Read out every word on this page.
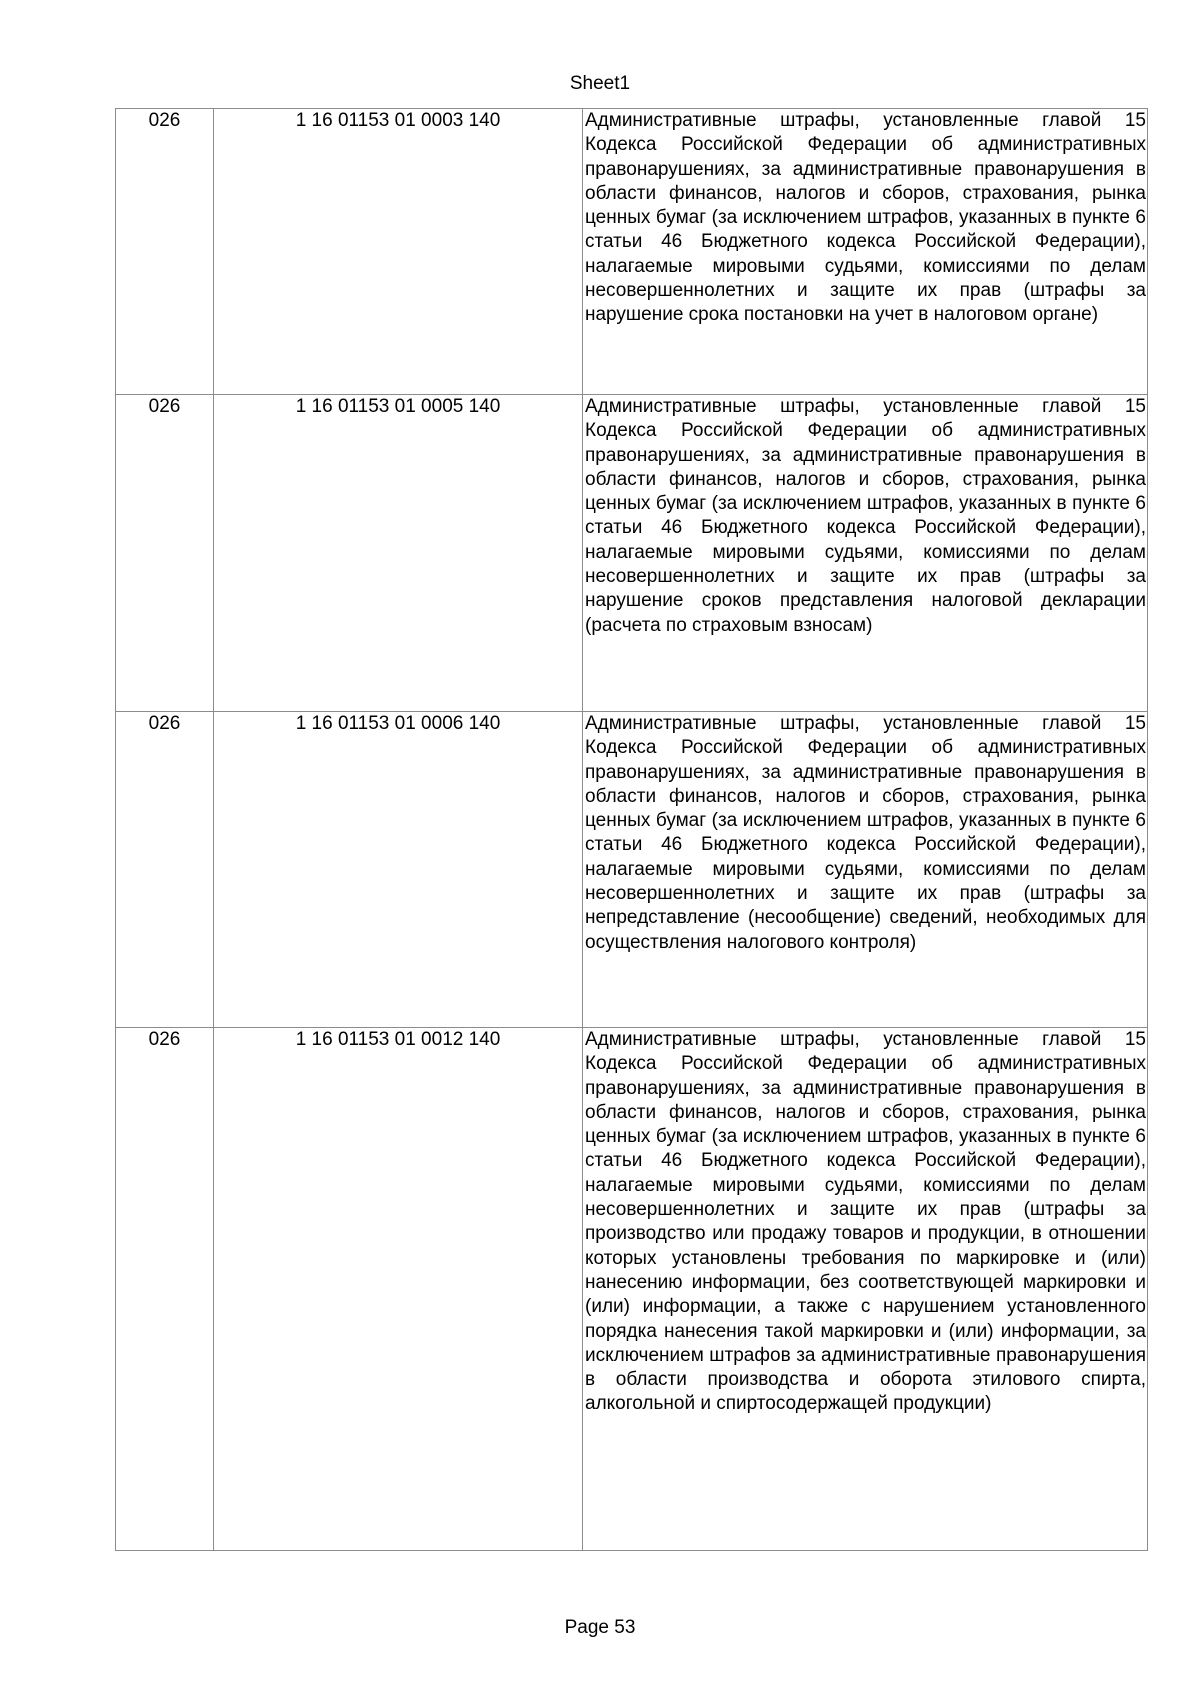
Sheet1
026	1 16 01153 01 0003 140	Административные штрафы, установленные главой 15 Кодекса Российской Федерации об административных правонарушениях, за административные правонарушения в области финансов, налогов и сборов, страхования, рынка ценных бумаг (за исключением штрафов, указанных в пункте 6 статьи 46 Бюджетного кодекса Российской Федерации), налагаемые мировыми судьями, комиссиями по делам несовершеннолетних и защите их прав (штрафы за нарушение срока постановки на учет в налоговом органе)
026	1 16 01153 01 0005 140	Административные штрафы, установленные главой 15 Кодекса Российской Федерации об административных правонарушениях, за административные правонарушения в области финансов, налогов и сборов, страхования, рынка ценных бумаг (за исключением штрафов, указанных в пункте 6 статьи 46 Бюджетного кодекса Российской Федерации), налагаемые мировыми судьями, комиссиями по делам несовершеннолетних и защите их прав (штрафы за нарушение сроков представления налоговой декларации (расчета по страховым взносам)
026	1 16 01153 01 0006 140	Административные штрафы, установленные главой 15 Кодекса Российской Федерации об административных правонарушениях, за административные правонарушения в области финансов, налогов и сборов, страхования, рынка ценных бумаг (за исключением штрафов, указанных в пункте 6 статьи 46 Бюджетного кодекса Российской Федерации), налагаемые мировыми судьями, комиссиями по делам несовершеннолетних и защите их прав (штрафы за непредставление (несообщение) сведений, необходимых для осуществления налогового контроля)
026	1 16 01153 01 0012 140	Административные штрафы, установленные главой 15 Кодекса Российской Федерации об административных правонарушениях, за административные правонарушения в области финансов, налогов и сборов, страхования, рынка ценных бумаг (за исключением штрафов, указанных в пункте 6 статьи 46 Бюджетного кодекса Российской Федерации), налагаемые мировыми судьями, комиссиями по делам несовершеннолетних и защите их прав (штрафы за производство или продажу товаров и продукции, в отношении которых установлены требования по маркировке и (или) нанесению информации, без соответствующей маркировки и (или) информации, а также с нарушением установленного порядка нанесения такой маркировки и (или) информации, за исключением штрафов за административные правонарушения в области производства и оборота этилового спирта, алкогольной и спиртосодержащей продукции)
Page 53
